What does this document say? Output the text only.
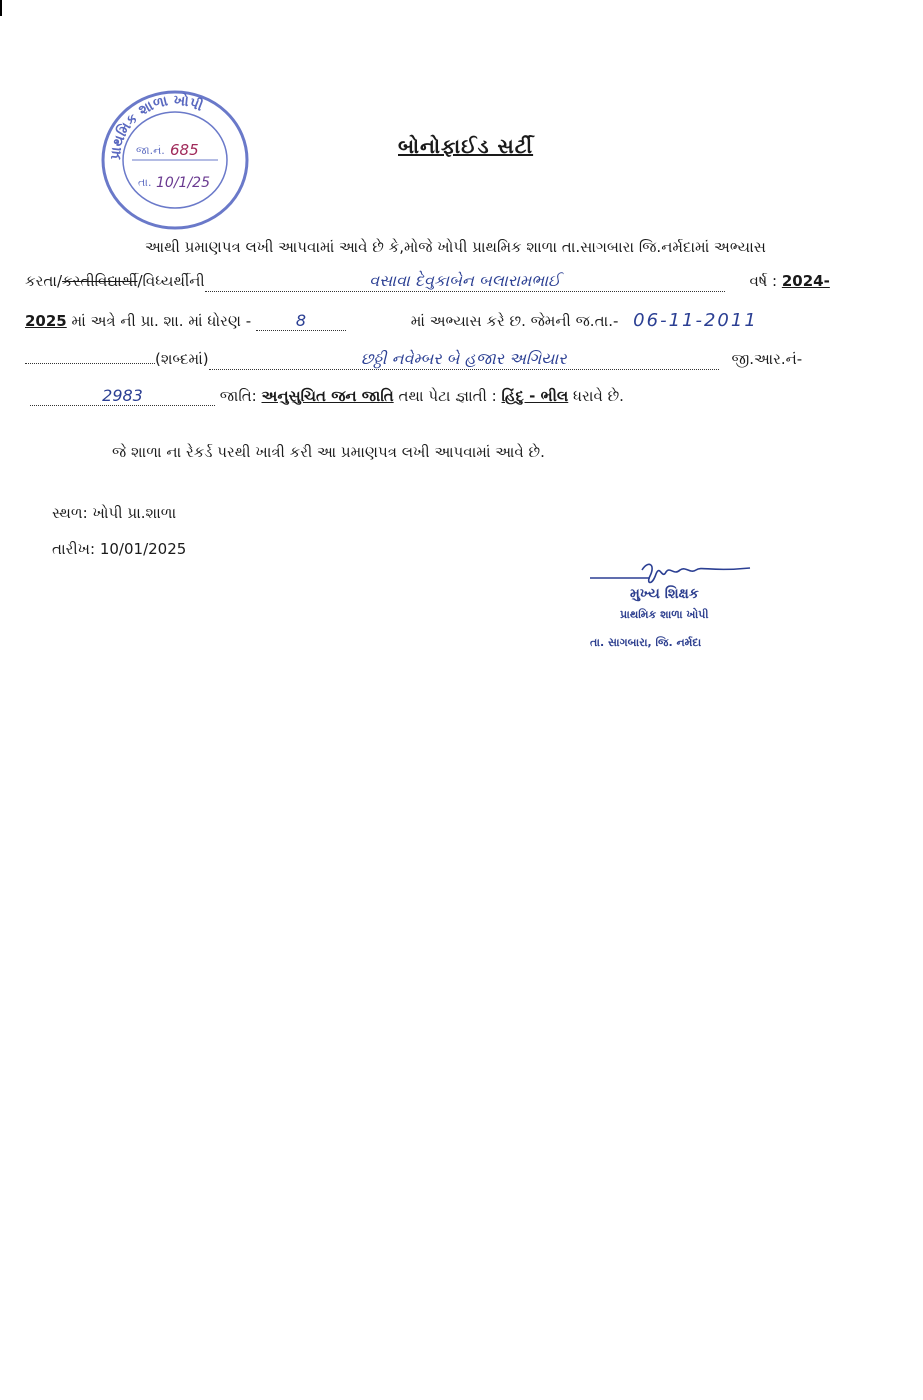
પ્રાથમિક શાળા ખોપી
જા.નં. 685
તા. 10/1/25
બોનોફાઈડ સર્ટી
આથી પ્રમાણપત્ર લખી આપવામાં આવે છે કે,મોજે ખોપી પ્રાથમિક શાળા તા.સાગબારા જિ.નર્મદામાં અભ્યાસ
કરતા/કરતીવિદ્યાર્થી/વિધ્યર્થીની	વસાવા દેવુકાબેન બલારામભાઈ	વર્ષ : 2024-
2025 માં અત્રે ની પ્રા. શા. માં ધોરણ -	8	માં અભ્યાસ કરે છ. જેમની જ.તા.- 06-11-2011
(શબ્દમાં)	છઠ્ઠી નવેમ્બર બે હજાર અગિયાર	જી.આર.નં-
2983	જાતિ: અનુસુચિત જન જાતિ તથા પેટા જ્ઞાતી : હિંદુ - ભીલ ધરાવે છે.
જે શાળા ના રેકર્ડ પરથી ખાત્રી કરી આ પ્રમાણપત્ર લખી આપવામાં આવે છે.
સ્થળ: ખોપી પ્રા.શાળા
તારીખ: 10/01/2025
મુખ્ય શિક્ષક
પ્રાથમિક શાળા ખોપી
તા. સાગબારા, જિ. નર્મદા
